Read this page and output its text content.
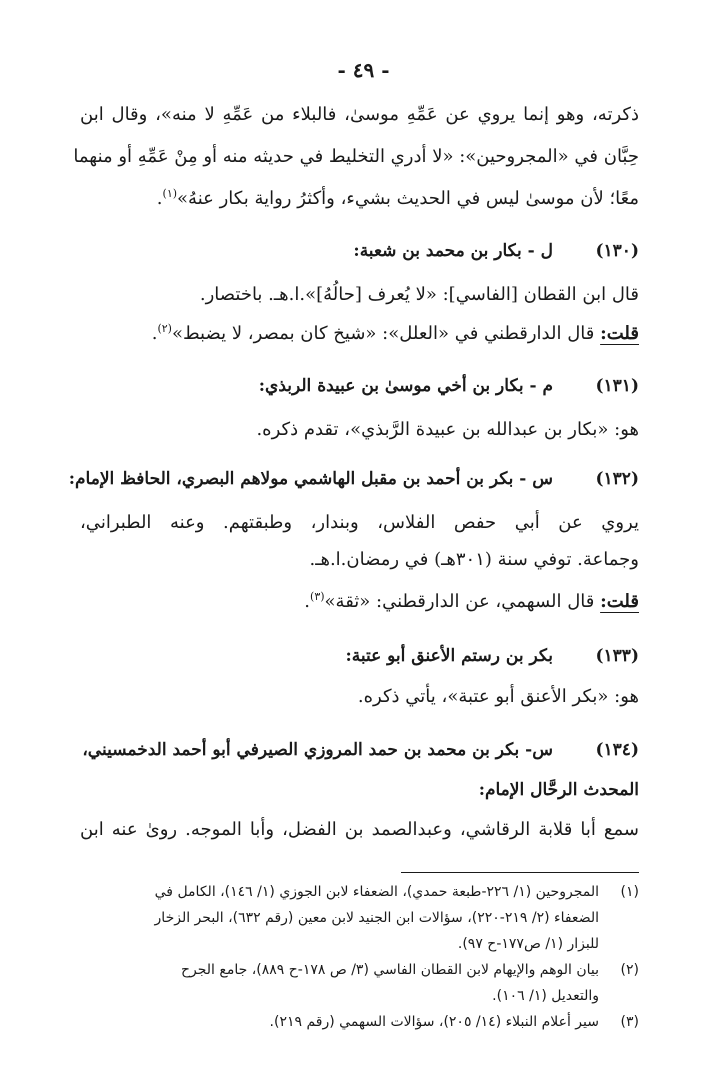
- ٤٩ -
ذكرته، وهو إنما يروي عن عَمِّهِ موسىٰ، فالبلاء من عَمِّهِ لا منه»، وقال ابن
حِبَّان في «المجروحين»: «لا أدري التخليط في حديثه منه أو مِنْ عَمِّهِ أو منهما
معًا؛ لأن موسىٰ ليس في الحديث بشيء، وأكثرُ رواية بكار عنهُ»$^{(١)}$.
(١٣٠)
ل - بكار بن محمد بن شعبة:
قال ابن القطان [الفاسي]: «لا يُعرف [حالُهُ]».ا.هـ. باختصار.
قلت: قال الدارقطني في «العلل»: «شيخ كان بمصر، لا يضبط»$^{(٢)}$.
(١٣١)
م - بكار بن أخي موسىٰ بن عبيدة الربذي:
هو: «بكار بن عبدالله بن عبيدة الرَّبذي»، تقدم ذكره.
(١٣٢)
س - بكر بن أحمد بن مقبل الهاشمي مولاهم البصري، الحافظ الإمام:
يروي عن أبي حفص الفلاس، وبندار، وطبقتهم. وعنه الطبراني،
وجماعة. توفي سنة (٣٠١هـ) في رمضان.ا.هـ.
قلت: قال السهمي، عن الدارقطني: «ثقة»$^{(٣)}$.
(١٣٣)
بكر بن رستم الأعنق أبو عتبة:
هو: «بكر الأعنق أبو عتبة»، يأتي ذكره.
(١٣٤)
س- بكر بن محمد بن حمد المروزي الصيرفي أبو أحمد الدخمسيني،
المحدث الرحَّال الإمام:
سمع أبا قلابة الرقاشي، وعبدالصمد بن الفضل، وأبا الموجه. روىٰ عنه ابن
(١)
المجروحين (١/ ٢٢٦-طبعة حمدي)، الضعفاء لابن الجوزي (١/ ١٤٦)، الكامل في
الضعفاء (٢/ ٢١٩-٢٢٠)، سؤالات ابن الجنيد لابن معين (رقم ٦٣٢)، البحر الزخار
للبزار (١/ ص١٧٧-ح ٩٧).
(٢)
بيان الوهم والإيهام لابن القطان الفاسي (٣/ ص ١٧٨-ح ٨٨٩)، جامع الجرح
والتعديل (١/ ١٠٦).
(٣)
سير أعلام النبلاء (١٤/ ٢٠٥)، سؤالات السهمي (رقم ٢١٩).
